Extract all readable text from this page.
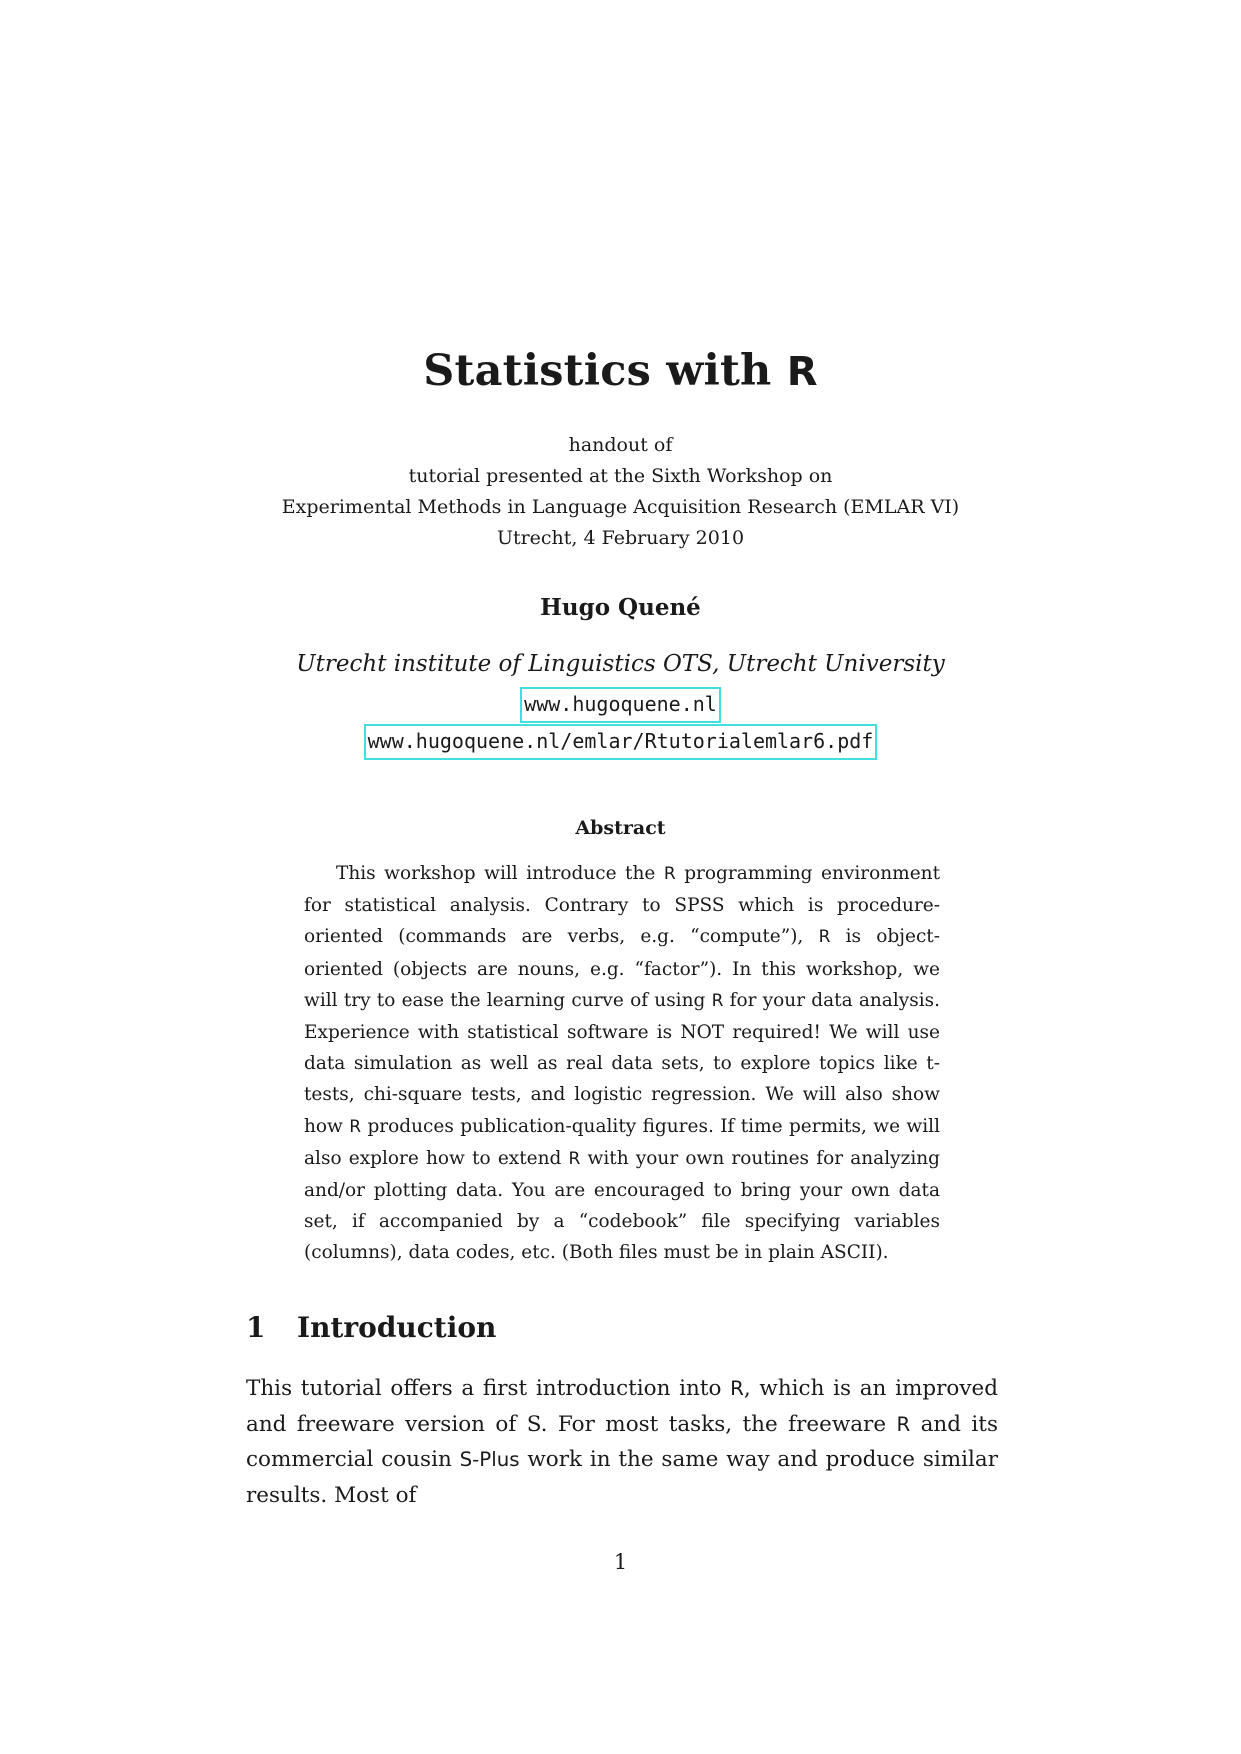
Statistics with R
handout of
tutorial presented at the Sixth Workshop on
Experimental Methods in Language Acquisition Research (EMLAR VI)
Utrecht, 4 February 2010
Hugo Quené
Utrecht institute of Linguistics OTS, Utrecht University
www.hugoquene.nl
www.hugoquene.nl/emlar/Rtutorialemlar6.pdf
Abstract
This workshop will introduce the R programming environment for statistical analysis. Contrary to SPSS which is procedure-oriented (commands are verbs, e.g. “compute”), R is object-oriented (objects are nouns, e.g. “factor”). In this workshop, we will try to ease the learning curve of using R for your data analysis. Experience with statistical software is NOT required! We will use data simulation as well as real data sets, to explore topics like t-tests, chi-square tests, and logistic regression. We will also show how R produces publication-quality figures. If time permits, we will also explore how to extend R with your own routines for analyzing and/or plotting data. You are encouraged to bring your own data set, if accompanied by a “codebook” file specifying variables (columns), data codes, etc. (Both files must be in plain ASCII).
1 Introduction
This tutorial offers a first introduction into R, which is an improved and freeware version of S. For most tasks, the freeware R and its commercial cousin S-Plus work in the same way and produce similar results. Most of
1
